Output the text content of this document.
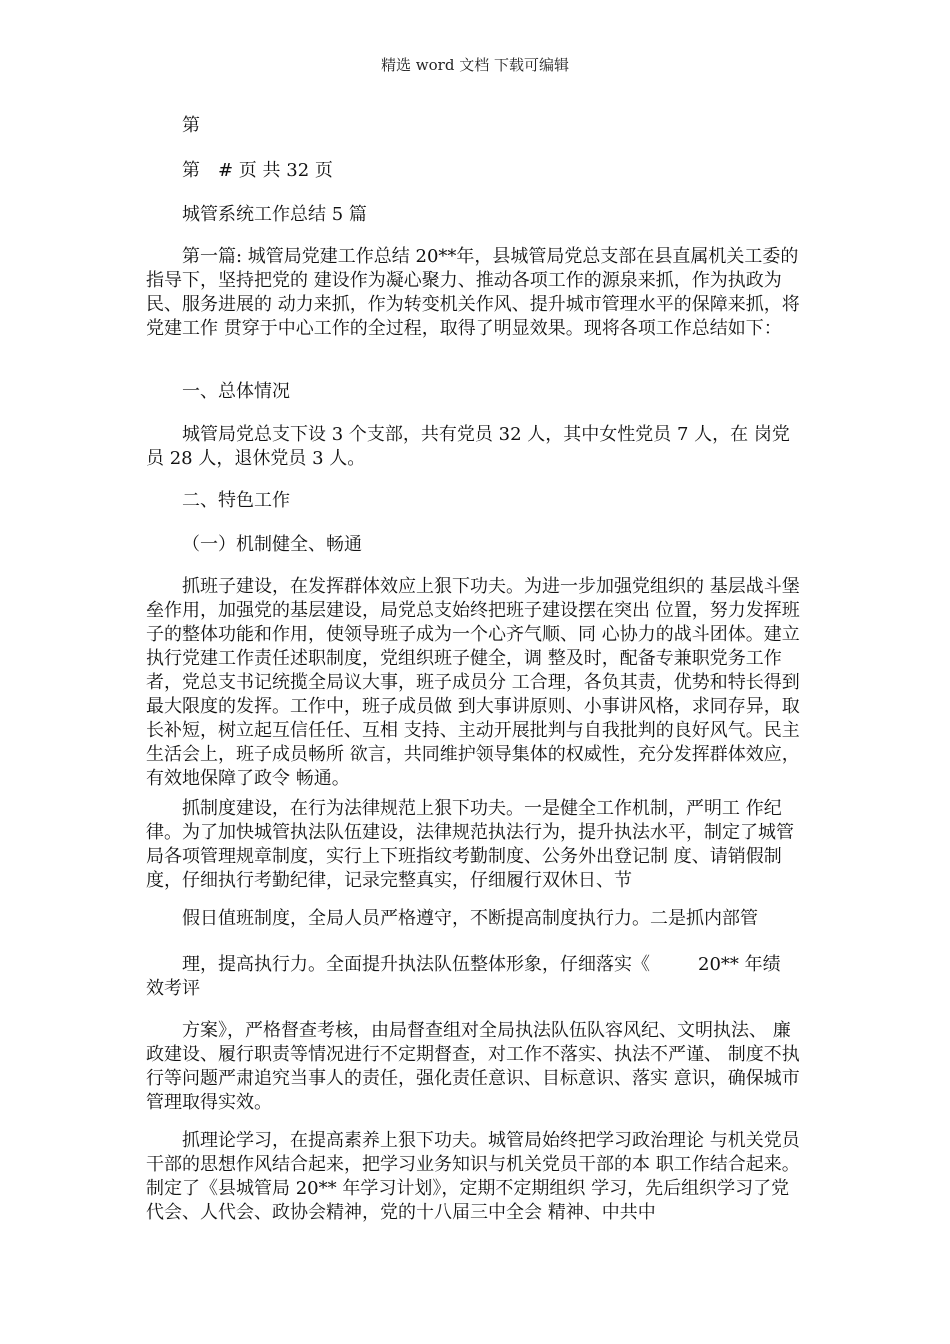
精选 word 文档 下载可编辑
第
第　# 页 共 32 页
城管系统工作总结 5 篇

第一篇: 城管局党建工作总结 20**年，县城管局党总支部在县直属机关工委的指导下，坚持把党的 建设作为凝心聚力、推动各项工作的源泉来抓，作为执政为民、服务进展的 动力来抓，作为转变机关作风、提升城市管理水平的保障来抓，将党建工作 贯穿于中心工作的全过程，取得了明显效果。现将各项工作总结如下：

一、总体情况

城管局党总支下设 3 个支部，共有党员 32 人，其中女性党员 7 人，在 岗党员 28 人，退休党员 3 人。

二、特色工作
（一）机制健全、畅通

抓班子建设，在发挥群体效应上狠下功夫。为进一步加强党组织的 基层战斗堡垒作用，加强党的基层建设，局党总支始终把班子建设摆在突出 位置，努力发挥班子的整体功能和作用，使领导班子成为一个心齐气顺、同 心协力的战斗团体。建立执行党建工作责任述职制度，党组织班子健全，调 整及时，配备专兼职党务工作者，党总支书记统揽全局议大事，班子成员分 工合理，各负其责，优势和特长得到最大限度的发挥。工作中，班子成员做 到大事讲原则、小事讲风格，求同存异，取长补短，树立起互信任任、互相 支持、主动开展批判与自我批判的良好风气。民主生活会上，班子成员畅所 欲言，共同维护领导集体的权威性，充分发挥群体效应，有效地保障了政令 畅通。

抓制度建设，在行为法律规范上狠下功夫。一是健全工作机制，严明工 作纪律。为了加快城管执法队伍建设，法律规范执法行为，提升执法水平，制定了城管局各项管理规章制度，实行上下班指纹考勤制度、公务外出登记制 度、请销假制度，仔细执行考勤纪律，记录完整真实，仔细履行双休日、节

假日值班制度，全局人员严格遵守，不断提高制度执行力。二是抓内部管
理，提高执行力。全面提升执法队伍整体形象，仔细落实《	20** 年绩
效考评

方案》，严格督查考核，由局督查组对全局执法队伍队容风纪、文明执法、 廉政建设、履行职责等情况进行不定期督查，对工作不落实、执法不严谨、 制度不执行等问题严肃追究当事人的责任，强化责任意识、目标意识、落实 意识，确保城市管理取得实效。

抓理论学习，在提高素养上狠下功夫。城管局始终把学习政治理论 与机关党员干部的思想作风结合起来，把学习业务知识与机关党员干部的本 职工作结合起来。制定了《县城管局 20** 年学习计划》，定期不定期组织 学习，先后组织学习了党代会、人代会、政协会精神，党的十八届三中全会 精神、中共中
